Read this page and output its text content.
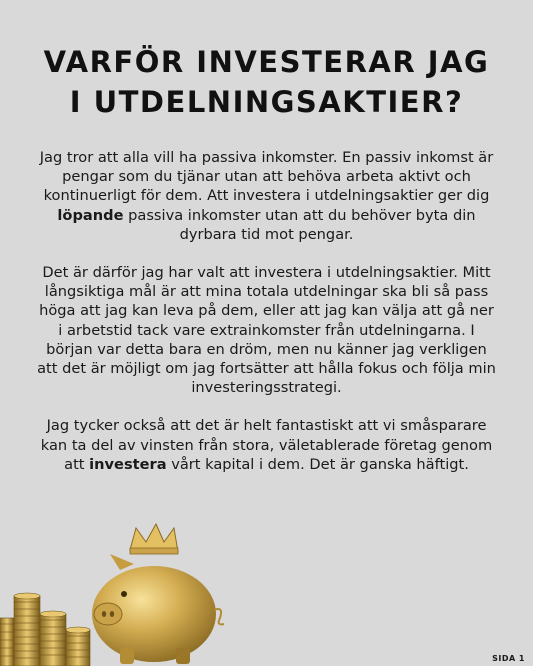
VARFÖR INVESTERAR JAG
I UTDELNINGSAKTIER?

Jag tror att alla vill ha passiva inkomster. En passiv inkomst är pengar som du tjänar utan att behöva arbeta aktivt och kontinuerligt för dem. Att investera i utdelningsaktier ger dig löpande passiva inkomster utan att du behöver byta din dyrbara tid mot pengar.

Det är därför jag har valt att investera i utdelningsaktier. Mitt långsiktiga mål är att mina totala utdelningar ska bli så pass höga att jag kan leva på dem, eller att jag kan välja att gå ner i arbetstid tack vare extrainkomster från utdelningarna. I början var detta bara en dröm, men nu känner jag verkligen att det är möjligt om jag fortsätter att hålla fokus och följa min investeringsstrategi.

Jag tycker också att det är helt fantastiskt att vi småsparare kan ta del av vinsten från stora, väletablerade företag genom att investera vårt kapital i dem. Det är ganska häftigt.

SIDA 1
